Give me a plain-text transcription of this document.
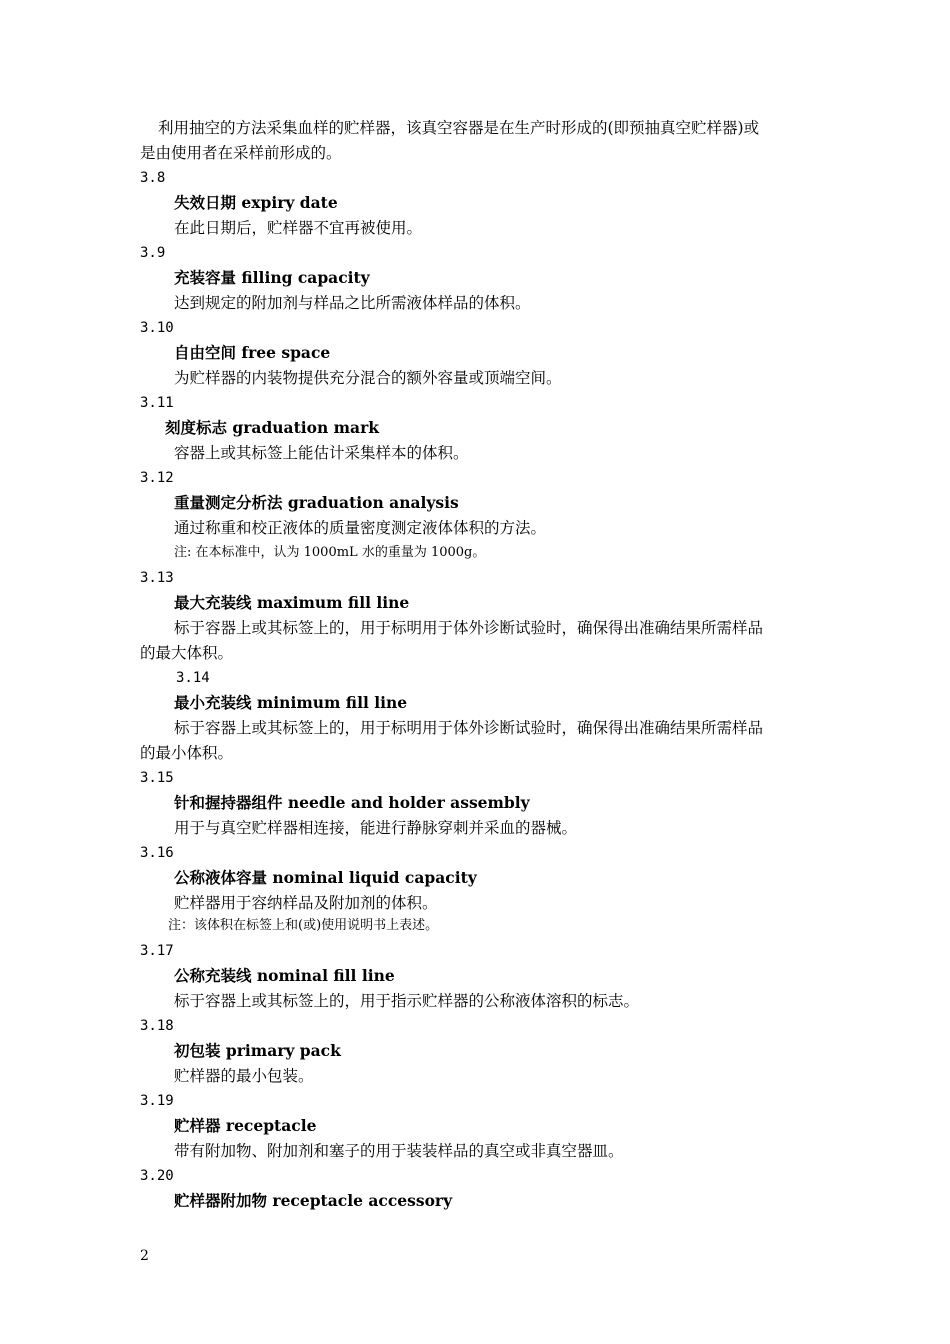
利用抽空的方法采集血样的贮样器，该真空容器是在生产时形成的(即预抽真空贮样器)或
是由使用者在采样前形成的。
3.8
失效日期 expiry date
在此日期后，贮样器不宜再被使用。
3.9
充装容量 filling capacity
达到规定的附加剂与样品之比所需液体样品的体积。
3.10
自由空间 free space
为贮样器的内装物提供充分混合的额外容量或顶端空间。
3.11
刻度标志 graduation mark
容器上或其标签上能估计采集样本的体积。
3.12
重量测定分析法 graduation analysis
通过称重和校正液体的质量密度测定液体体积的方法。
注: 在本标准中，认为 1000mL 水的重量为 1000g。
3.13
最大充装线 maximum fill line
标于容器上或其标签上的，用于标明用于体外诊断试验时，确保得出准确结果所需样品
的最大体积。
3.14
最小充装线 minimum fill line
标于容器上或其标签上的，用于标明用于体外诊断试验时，确保得出准确结果所需样品
的最小体积。
3.15
针和握持器组件 needle and holder assembly
用于与真空贮样器相连接，能进行静脉穿刺并采血的器械。
3.16
公称液体容量 nominal liquid capacity
贮样器用于容纳样品及附加剂的体积。
注：该体积在标签上和(或)使用说明书上表述。
3.17
公称充装线 nominal fill line
标于容器上或其标签上的，用于指示贮样器的公称液体溶积的标志。
3.18
初包装 primary pack
贮样器的最小包装。
3.19
贮样器 receptacle
带有附加物、附加剂和塞子的用于装装样品的真空或非真空器皿。
3.20
贮样器附加物 receptacle accessory
2
